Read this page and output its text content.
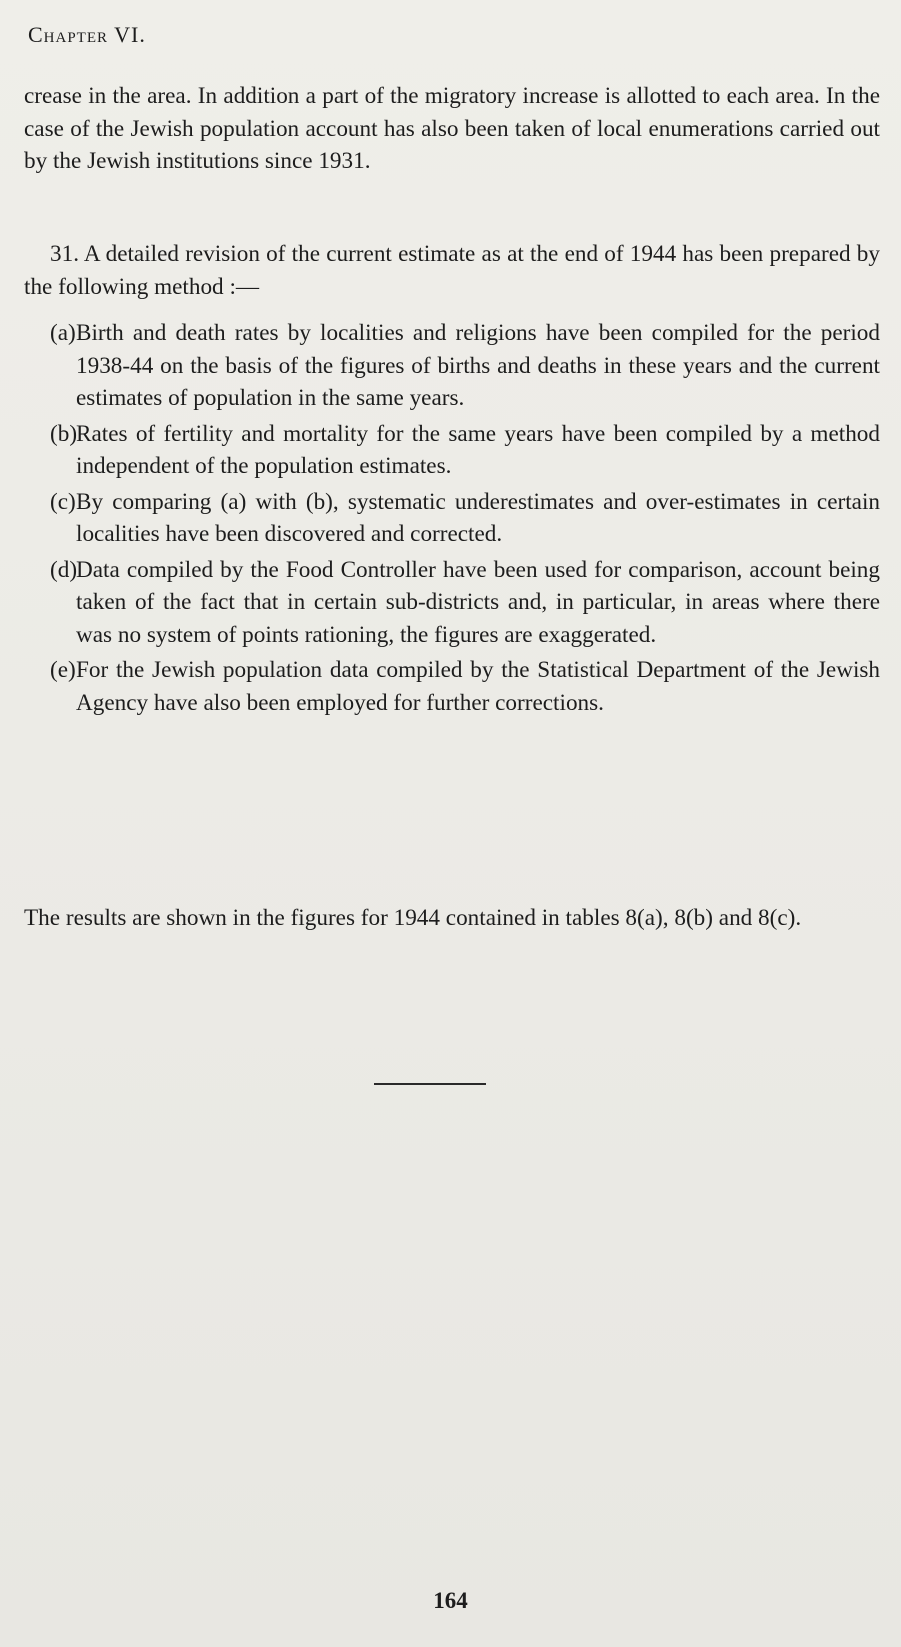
Chapter VI.
crease in the area. In addition a part of the migratory increase is allotted to each area. In the case of the Jewish population account has also been taken of local enumerations carried out by the Jewish institutions since 1931.
31. A detailed revision of the current estimate as at the end of 1944 has been prepared by the following method :—
(a) Birth and death rates by localities and religions have been compiled for the period 1938-44 on the basis of the figures of births and deaths in these years and the current estimates of population in the same years.
(b)
Rates of fertility and mortality for the same years have been compiled by a method independent of the population estimates.
(c) By comparing (a) with (b), systematic underestimates and over-estimates in certain localities have been discovered and corrected.
(d)
Data compiled by the Food Controller have been used for comparison, account being taken of the fact that in certain sub-districts and, in particular, in areas where there was no system of points rationing, the figures are exaggerated.
(e) For the Jewish population data compiled by the Statistical Department of the Jewish Agency have also been employed for further corrections.
The results are shown in the figures for 1944 contained in tables 8(a), 8(b) and 8(c).
164
